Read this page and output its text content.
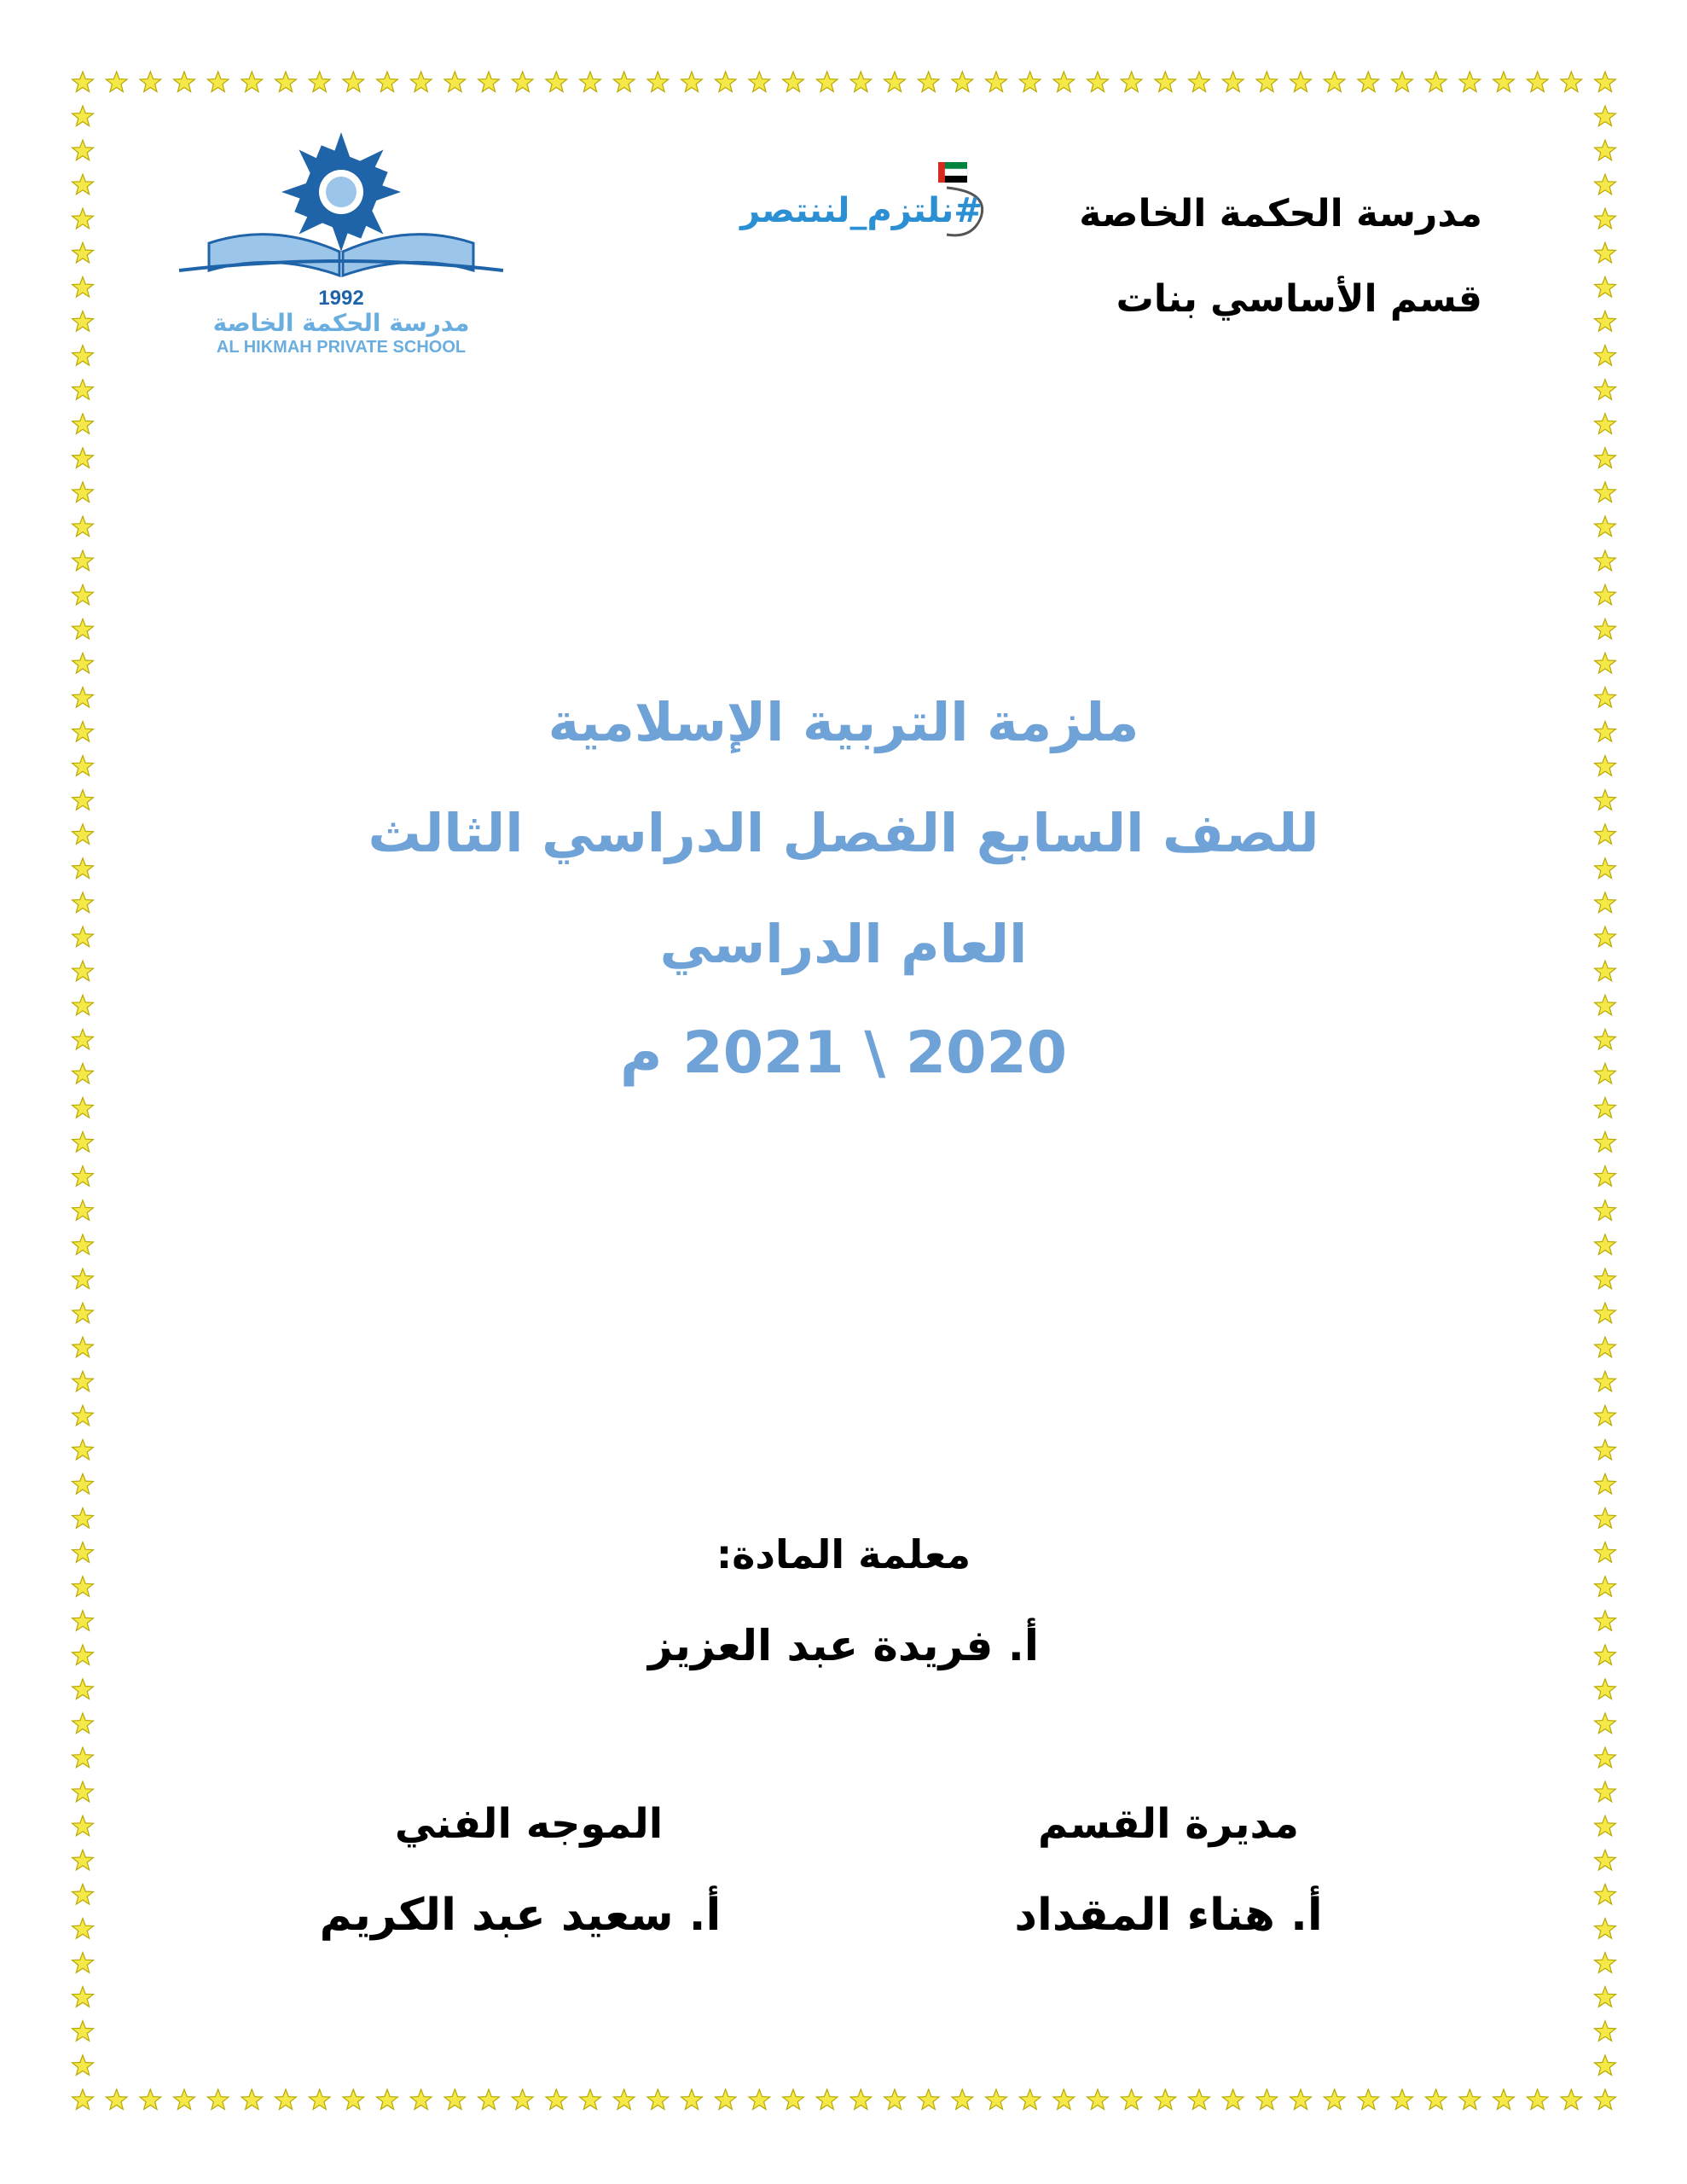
1992
مدرسة الحكمة الخاصة
AL HIKMAH PRIVATE SCHOOL
#نلتزم_لننتصر	مدرسة الحكمة الخاصة
قسم الأساسي بنات
ملزمة التربية الإسلامية
للصف السابع الفصل الدراسي الثالث
العام الدراسي
2020 \ 2021 م
معلمة المادة:
أ. فريدة عبد العزيز
مديرة القسم
أ. هناء المقداد
الموجه الفني
أ. سعيد عبد الكريم
